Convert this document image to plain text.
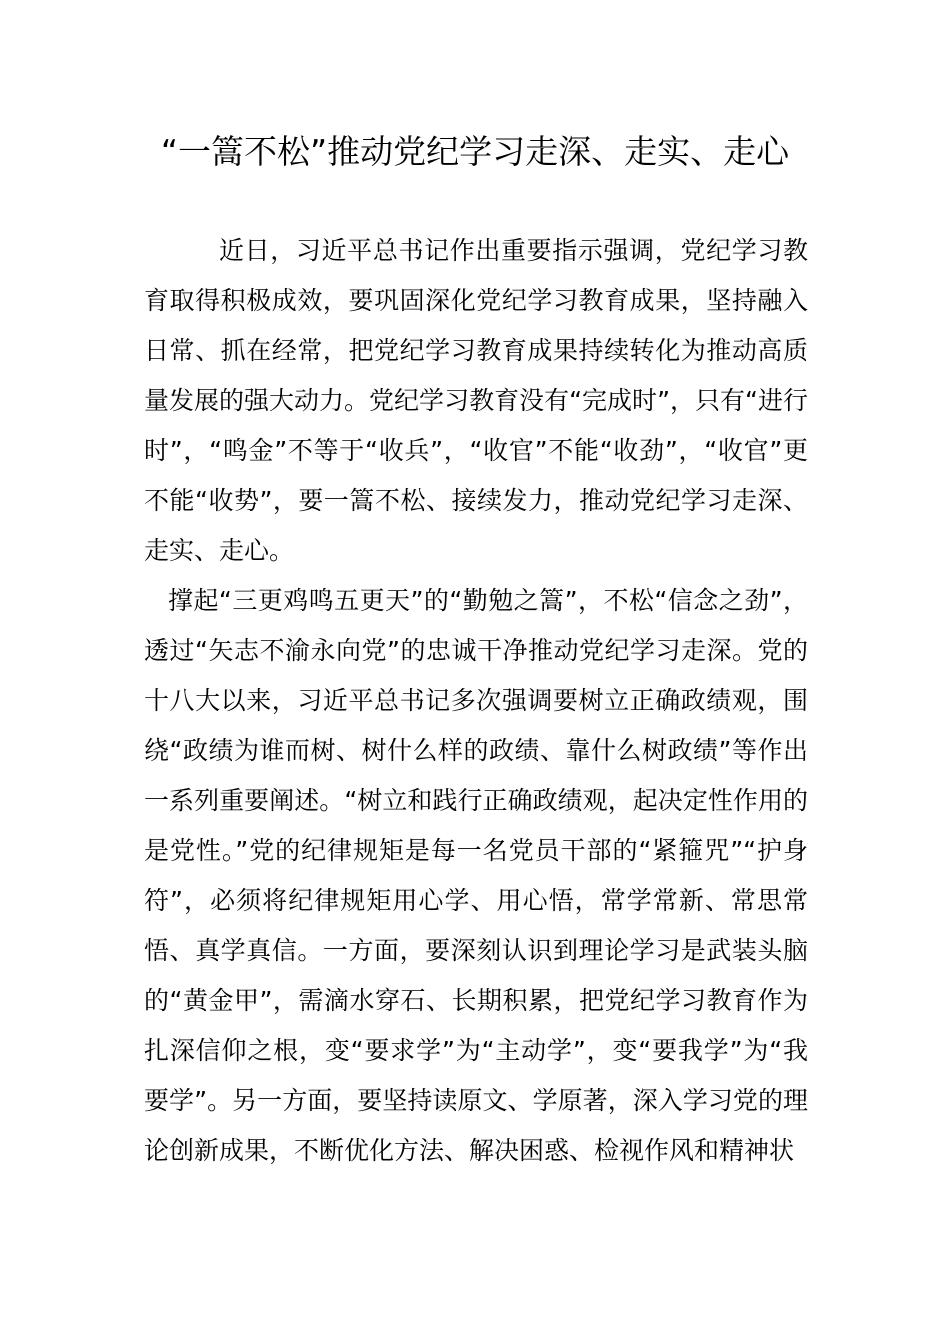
“一篙不松”推动党纪学习走深、走实、走心

近日，习近平总书记作出重要指示强调，党纪学习教育取得积极成效，要巩固深化党纪学习教育成果，坚持融入日常、抓在经常，把党纪学习教育成果持续转化为推动高质量发展的强大动力。党纪学习教育没有“完成时”，只有“进行时”，“鸣金”不等于“收兵”，“收官”不能“收劲”，“收官”更不能“收势”，要一篙不松、接续发力，推动党纪学习走深、走实、走心。

撑起“三更鸡鸣五更天”的“勤勉之篙”，不松“信念之劲”，透过“矢志不渝永向党”的忠诚干净推动党纪学习走深。党的十八大以来，习近平总书记多次强调要树立正确政绩观，围绕“政绩为谁而树、树什么样的政绩、靠什么树政绩”等作出一系列重要阐述。“树立和践行正确政绩观，起决定性作用的是党性。”党的纪律规矩是每一名党员干部的“紧箍咒”“护身符”，必须将纪律规矩用心学、用心悟，常学常新、常思常悟、真学真信。一方面，要深刻认识到理论学习是武装头脑的“黄金甲”，需滴水穿石、长期积累，把党纪学习教育作为扎深信仰之根，变“要求学”为“主动学”，变“要我学”为“我要学”。另一方面，要坚持读原文、学原著，深入学习党的理论创新成果，不断优化方法、解决困惑、检视作风和精神状
